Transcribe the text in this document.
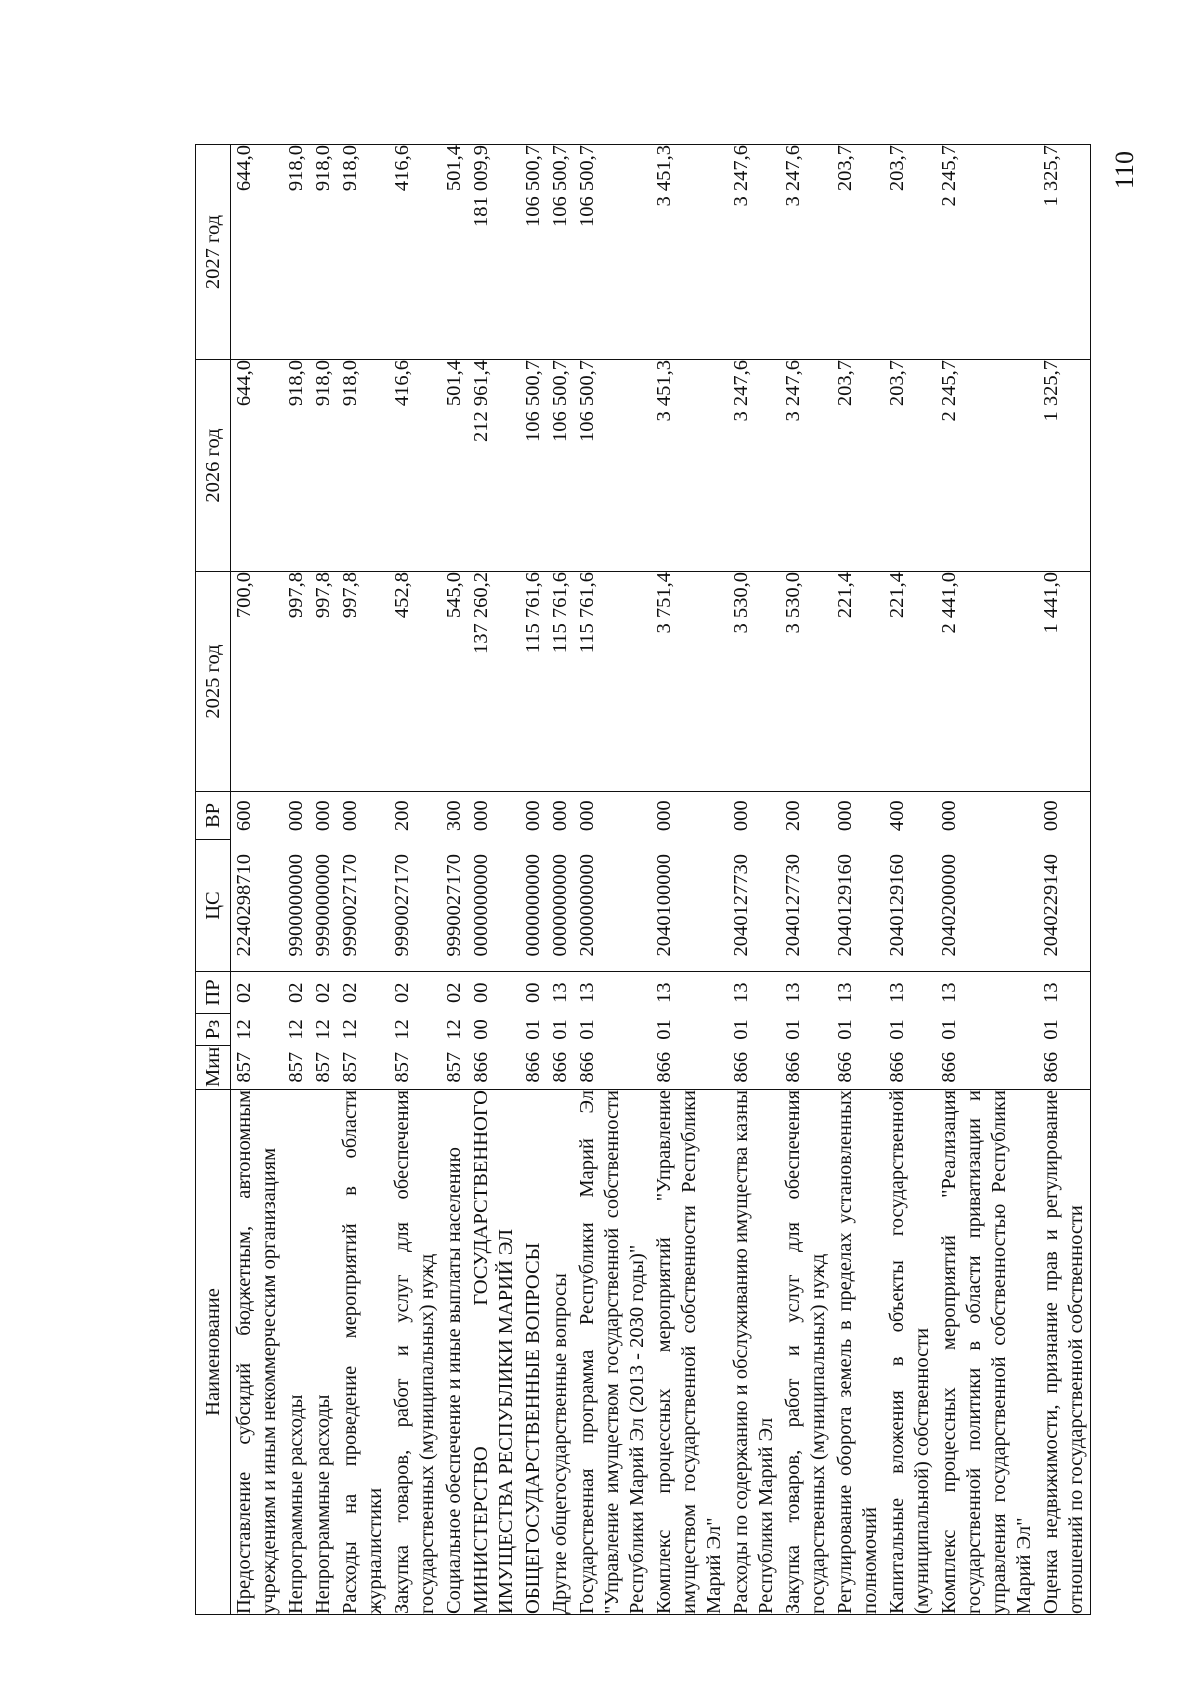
110
Наименование	Мин	Рз	ПР	ЦС	ВР	2025 год	2026 год	2027 год
Предоставление субсидий бюджетным, автономным учреждениям и иным некоммерческим организациям	857	12	02	2240298710	600	700,0	644,0	644,0
Непрограммные расходы	857	12	02	9900000000	000	997,8	918,0	918,0
Непрограммные расходы	857	12	02	9990000000	000	997,8	918,0	918,0
Расходы на проведение мероприятий в области журналистики	857	12	02	9990027170	000	997,8	918,0	918,0
Закупка товаров, работ и услуг для обеспечения государственных (муниципальных) нужд	857	12	02	9990027170	200	452,8	416,6	416,6
Социальное обеспечение и иные выплаты населению	857	12	02	9990027170	300	545,0	501,4	501,4
МИНИСТЕРСТВО ГОСУДАРСТВЕННОГО ИМУЩЕСТВА РЕСПУБЛИКИ МАРИЙ ЭЛ	866	00	00	0000000000	000	137 260,2	212 961,4	181 009,9
ОБЩЕГОСУДАРСТВЕННЫЕ ВОПРОСЫ	866	01	00	0000000000	000	115 761,6	106 500,7	106 500,7
Другие общегосударственные вопросы	866	01	13	0000000000	000	115 761,6	106 500,7	106 500,7
Государственная программа Республики Марий Эл "Управление имуществом государственной собственности Республики Марий Эл (2013 - 2030 годы)"	866	01	13	2000000000	000	115 761,6	106 500,7	106 500,7
Комплекс процессных мероприятий "Управление имуществом государственной собственности Республики Марий Эл"	866	01	13	2040100000	000	3 751,4	3 451,3	3 451,3
Расходы по содержанию и обслуживанию имущества казны Республики Марий Эл	866	01	13	2040127730	000	3 530,0	3 247,6	3 247,6
Закупка товаров, работ и услуг для обеспечения государственных (муниципальных) нужд	866	01	13	2040127730	200	3 530,0	3 247,6	3 247,6
Регулирование оборота земель в пределах установленных полномочий	866	01	13	2040129160	000	221,4	203,7	203,7
Капитальные вложения в объекты государственной (муниципальной) собственности	866	01	13	2040129160	400	221,4	203,7	203,7
Комплекс процессных мероприятий "Реализация государственной политики в области приватизации и управления государственной собственностью Республики Марий Эл"	866	01	13	2040200000	000	2 441,0	2 245,7	2 245,7
Оценка недвижимости, признание прав и регулирование отношений по государственной собственности	866	01	13	2040229140	000	1 441,0	1 325,7	1 325,7
